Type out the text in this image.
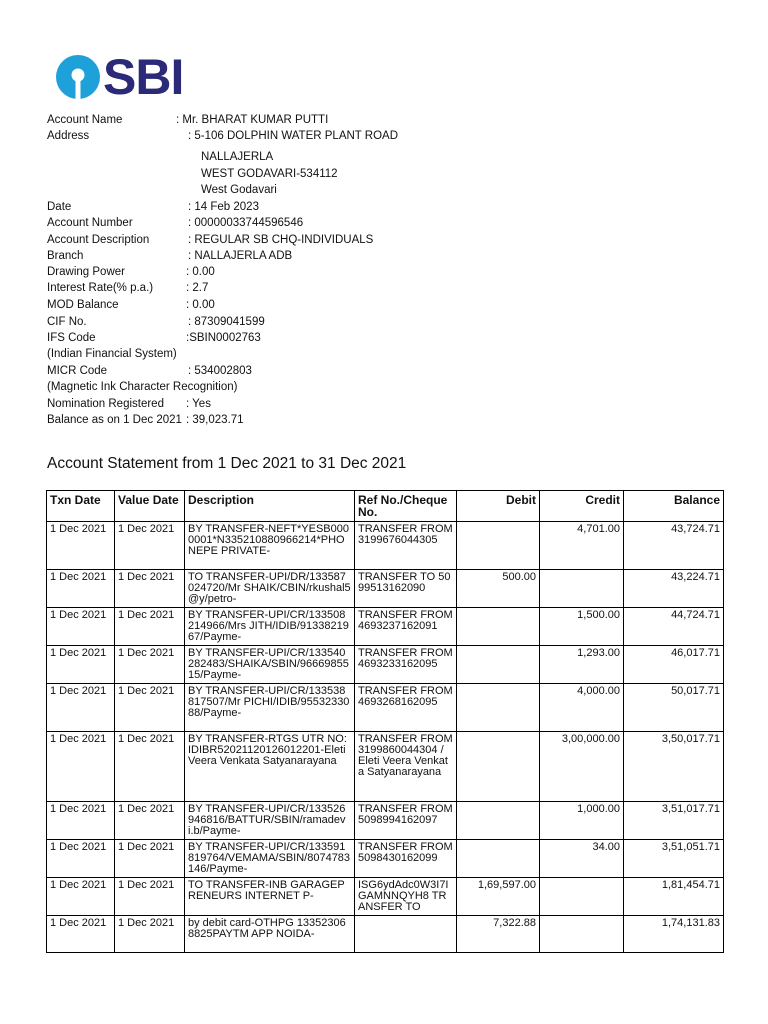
SBI
Account Name	: Mr. BHARAT KUMAR PUTTI
Address	: 5-106 DOLPHIN WATER PLANT ROAD
NALLAJERLA
WEST GODAVARI-534112
West Godavari
Date	: 14 Feb 2023
Account Number	: 00000033744596546
Account Description	: REGULAR SB CHQ-INDIVIDUALS
Branch	: NALLAJERLA ADB
Drawing Power	: 0.00
Interest Rate(% p.a.)	: 2.7
MOD Balance	: 0.00
CIF No.	: 87309041599
IFS Code	:SBIN0002763
(Indian Financial System)
MICR Code	: 534002803
(Magnetic Ink Character Recognition)
Nomination Registered : Yes
Balance as on 1 Dec 2021 : 39,023.71
Account Statement from 1 Dec 2021 to 31 Dec 2021
Txn Date	Value Date	Description	Ref No./Cheque No.	Debit	Credit	Balance
1 Dec 2021	1 Dec 2021	BY TRANSFER-NEFT*YESB0000001*N335210880966214*PHONEPE PRIVATE-	TRANSFER FROM 3199676044305		4,701.00	43,724.71
1 Dec 2021	1 Dec 2021	TO TRANSFER-UPI/DR/133587024720/Mr SHAIK/CBIN/rkushal5@y/petro-	TRANSFER TO 5099513162090	500.00		43,224.71
1 Dec 2021	1 Dec 2021	BY TRANSFER-UPI/CR/133508214966/Mrs JITH/IDIB/9133821967/Payme-	TRANSFER FROM 4693237162091		1,500.00	44,724.71
1 Dec 2021	1 Dec 2021	BY TRANSFER-UPI/CR/133540282483/SHAIKA/SBIN/9666985515/Payme-	TRANSFER FROM 4693233162095		1,293.00	46,017.71
1 Dec 2021	1 Dec 2021	BY TRANSFER-UPI/CR/133538817507/Mr PICHI/IDIB/9553233088/Payme-	TRANSFER FROM 4693268162095		4,000.00	50,017.71
1 Dec 2021	1 Dec 2021	BY TRANSFER-RTGS UTR NO: IDIBR52021120126012201-Eleti Veera Venkata Satyanarayana	TRANSFER FROM 3199860044304 / Eleti Veera Venkata Satyanarayana		3,00,000.00	3,50,017.71
1 Dec 2021	1 Dec 2021	BY TRANSFER-UPI/CR/133526946816/BATTUR/SBIN/ramadevi.b/Payme-	TRANSFER FROM 5098994162097		1,000.00	3,51,017.71
1 Dec 2021	1 Dec 2021	BY TRANSFER-UPI/CR/133591819764/VEMAMA/SBIN/8074783146/Payme-	TRANSFER FROM 5098430162099		34.00	3,51,051.71
1 Dec 2021	1 Dec 2021	TO TRANSFER-INB GARAGEPRENEURS INTERNET P-	ISG6ydAdc0W3I7IGAMNNQYH8 TRANSFER TO	1,69,597.00		1,81,454.71
1 Dec 2021	1 Dec 2021	by debit card-OTHPG 133523068825PAYTM APP NOIDA-		7,322.88		1,74,131.83
